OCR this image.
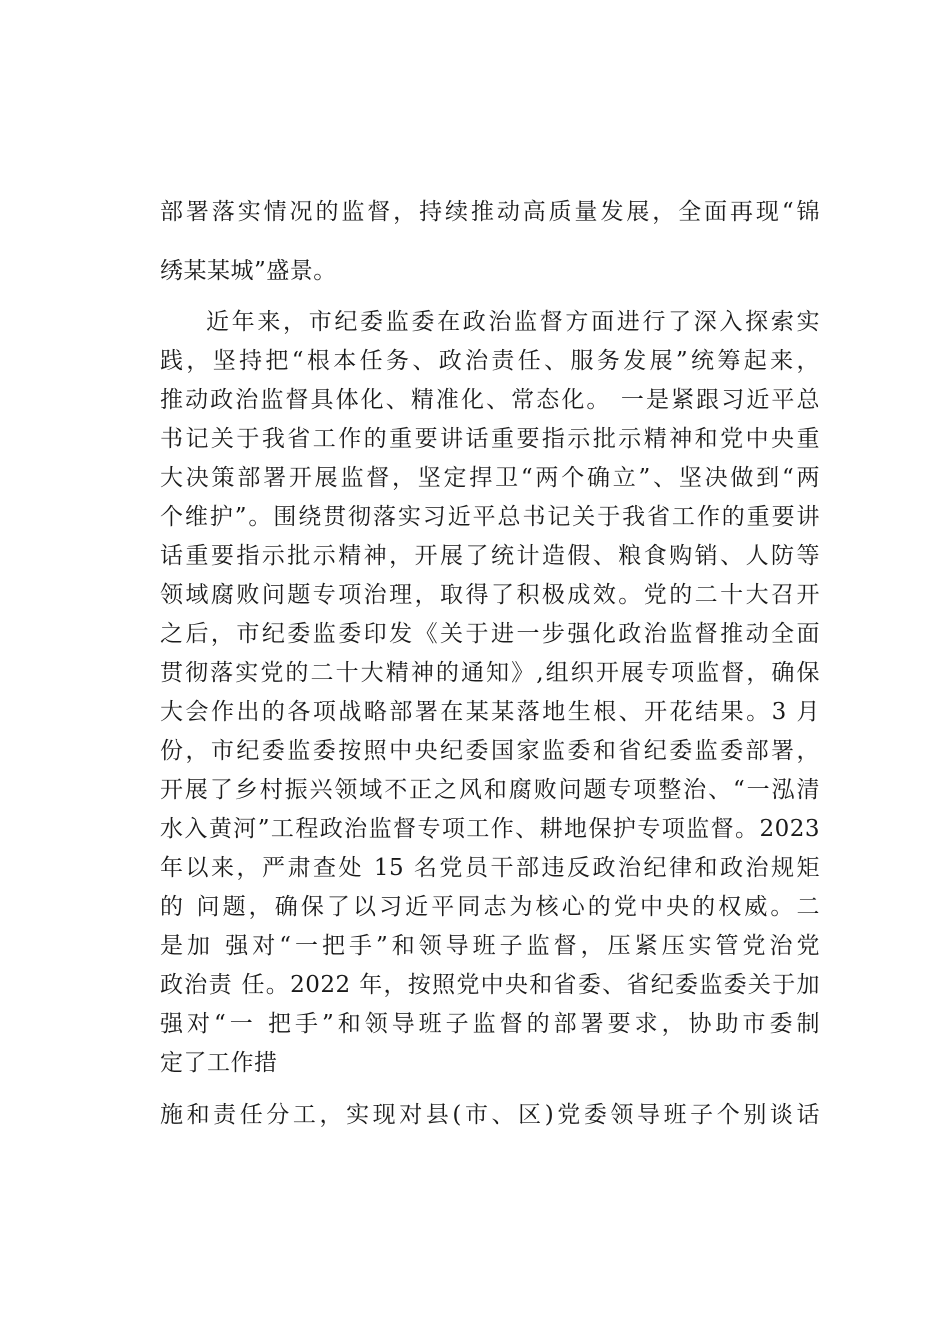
部署落实情况的监督，持续推动高质量发展，全面再现“锦

绣某某城”盛景。

近年来，市纪委监委在政治监督方面进行了深入探索实

践，坚持把“根本任务、政治责任、服务发展”统筹起来，

推动政治监督具体化、精准化、常态化。 一是紧跟习近平总

书记关于我省工作的重要讲话重要指示批示精神和党中央重

大决策部署开展监督，坚定捍卫“两个确立”、坚决做到“两

个维护”。围绕贯彻落实习近平总书记关于我省工作的重要讲

话重要指示批示精神，开展了统计造假、粮食购销、人防等

领域腐败问题专项治理，取得了积极成效。党的二十大召开

之后，市纪委监委印发《关于进一步强化政治监督推动全面

贯彻落实党的二十大精神的通知》,组织开展专项监督，确保

大会作出的各项战略部署在某某落地生根、开花结果。3 月

份，市纪委监委按照中央纪委国家监委和省纪委监委部署，

开展了乡村振兴领域不正之风和腐败问题专项整治、“一泓清

水入黄河”工程政治监督专项工作、耕地保护专项监督。2023

年以来，严肃查处 15 名党员干部违反政治纪律和政治规矩

的 问题，确保了以习近平同志为核心的党中央的权威。二

是加 强对“一把手”和领导班子监督，压紧压实管党治党

政治责 任。2022 年，按照党中央和省委、省纪委监委关于加

强对“一 把手”和领导班子监督的部署要求，协助市委制

定了工作措

施和责任分工，实现对县(市、区)党委领导班子个别谈话
